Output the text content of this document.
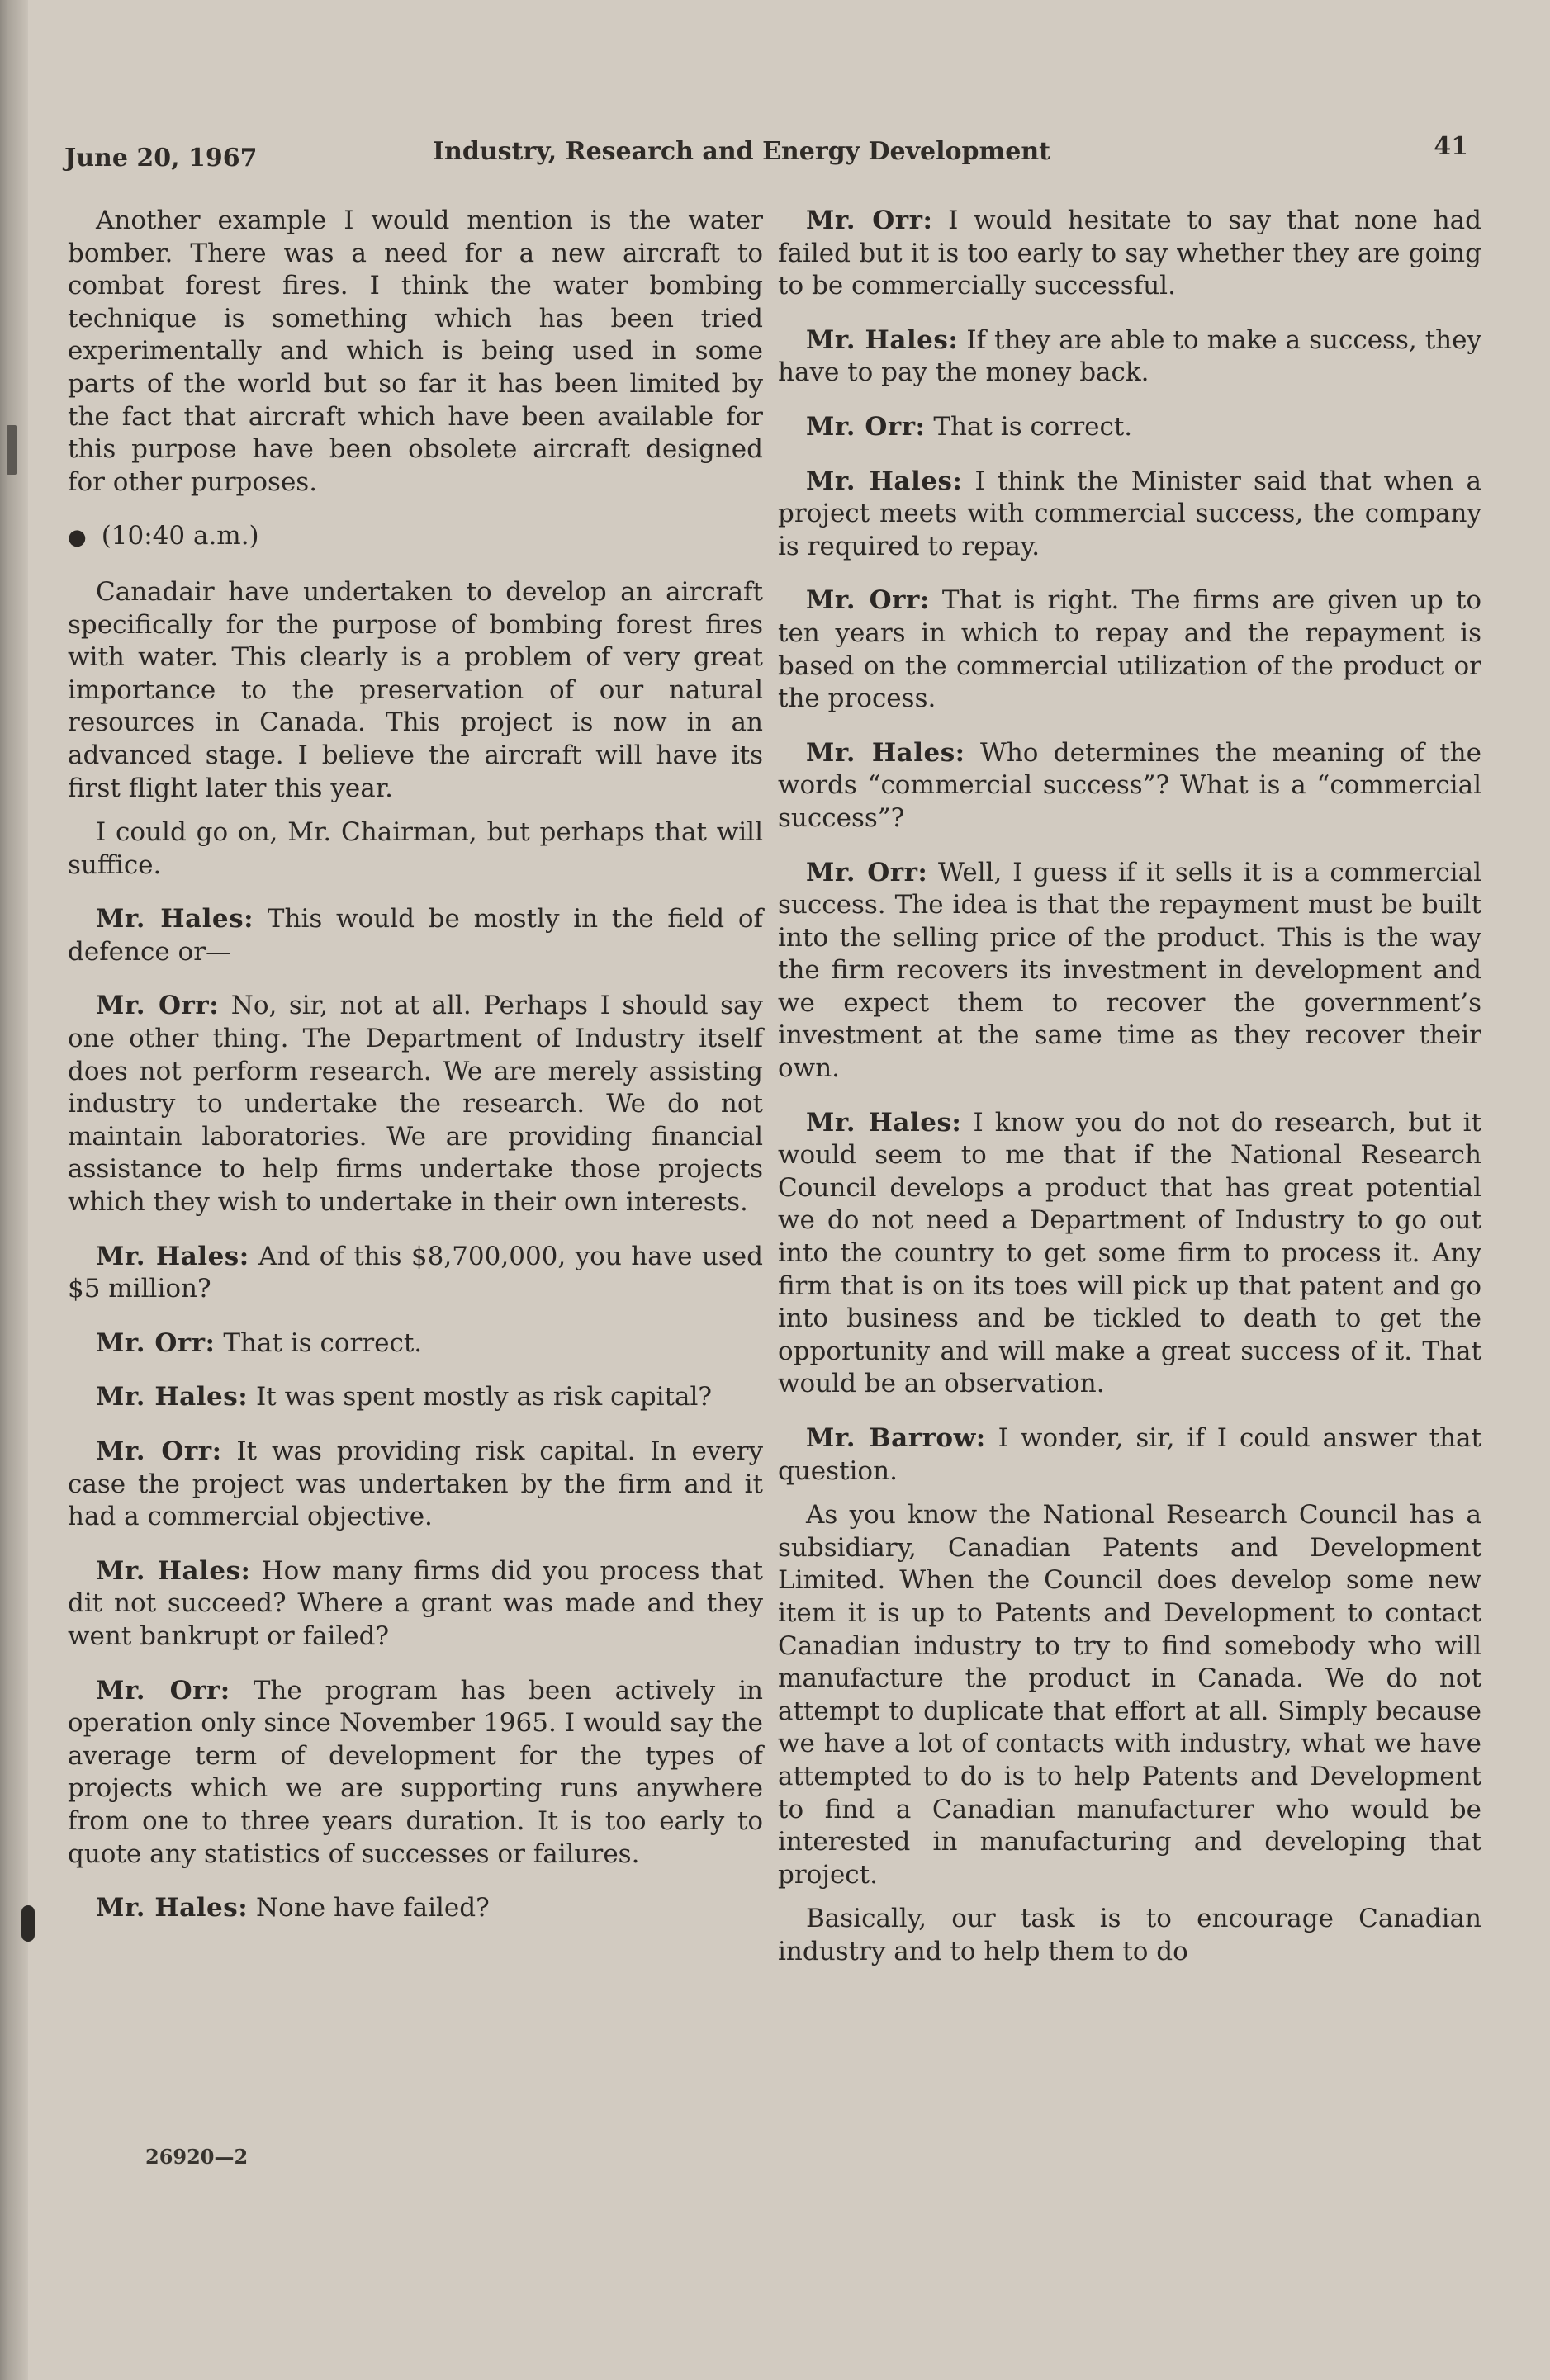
June 20, 1967	Industry, Research and Energy Development	41

Another example I would mention is the water bomber. There was a need for a new aircraft to combat forest fires. I think the water bombing technique is something which has been tried experimentally and which is being used in some parts of the world but so far it has been limited by the fact that aircraft which have been available for this purpose have been obsolete aircraft designed for other purposes.

● (10:40 a.m.)

Canadair have undertaken to develop an aircraft specifically for the purpose of bombing forest fires with water. This clearly is a problem of very great importance to the preservation of our natural resources in Canada. This project is now in an advanced stage. I believe the aircraft will have its first flight later this year.

I could go on, Mr. Chairman, but perhaps that will suffice.

Mr. Hales: This would be mostly in the field of defence or—

Mr. Orr: No, sir, not at all. Perhaps I should say one other thing. The Department of Industry itself does not perform research. We are merely assisting industry to undertake the research. We do not maintain laboratories. We are providing financial assistance to help firms undertake those projects which they wish to undertake in their own interests.

Mr. Hales: And of this $8,700,000, you have used $5 million?

Mr. Orr: That is correct.

Mr. Hales: It was spent mostly as risk capital?

Mr. Orr: It was providing risk capital. In every case the project was undertaken by the firm and it had a commercial objective.

Mr. Hales: How many firms did you process that dit not succeed? Where a grant was made and they went bankrupt or failed?

Mr. Orr: The program has been actively in operation only since November 1965. I would say the average term of development for the types of projects which we are supporting runs anywhere from one to three years duration. It is too early to quote any statistics of successes or failures.

Mr. Hales: None have failed?

26920—2

Mr. Orr: I would hesitate to say that none had failed but it is too early to say whether they are going to be commercially successful.

Mr. Hales: If they are able to make a success, they have to pay the money back.

Mr. Orr: That is correct.

Mr. Hales: I think the Minister said that when a project meets with commercial success, the company is required to repay.

Mr. Orr: That is right. The firms are given up to ten years in which to repay and the repayment is based on the commercial utilization of the product or the process.

Mr. Hales: Who determines the meaning of the words “commercial success”? What is a “commercial success”?

Mr. Orr: Well, I guess if it sells it is a commercial success. The idea is that the repayment must be built into the selling price of the product. This is the way the firm recovers its investment in development and we expect them to recover the government’s investment at the same time as they recover their own.

Mr. Hales: I know you do not do research, but it would seem to me that if the National Research Council develops a product that has great potential we do not need a Department of Industry to go out into the country to get some firm to process it. Any firm that is on its toes will pick up that patent and go into business and be tickled to death to get the opportunity and will make a great success of it. That would be an observation.

Mr. Barrow: I wonder, sir, if I could answer that question.

As you know the National Research Council has a subsidiary, Canadian Patents and Development Limited. When the Council does develop some new item it is up to Patents and Development to contact Canadian industry to try to find somebody who will manufacture the product in Canada. We do not attempt to duplicate that effort at all. Simply because we have a lot of contacts with industry, what we have attempted to do is to help Patents and Development to find a Canadian manufacturer who would be interested in manufacturing and developing that project.

Basically, our task is to encourage Canadian industry and to help them to do
